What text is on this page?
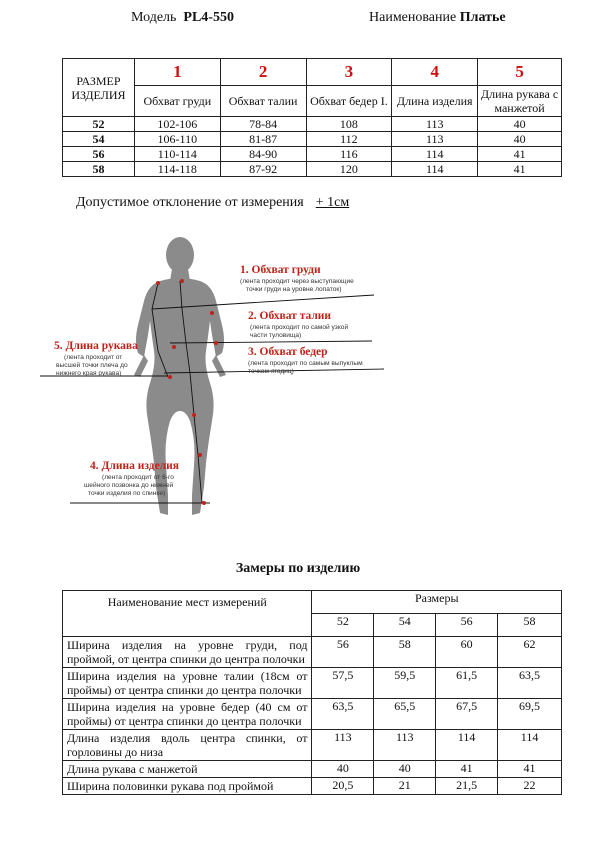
Модель PL4-550	Наименование Платье
РАЗМЕР ИЗДЕЛИЯ	1	2	3	4	5
	Обхват груди	Обхват талии	Обхват бедер I.	Длина изделия	Длина рукава с манжетой
52	102-106	78-84	108	113	40
54	106-110	81-87	112	113	40
56	110-114	84-90	116	114	41
58	114-118	87-92	120	114	41
Допустимое отклонение от измерения + 1см
1. Обхват груди
(лента проходит через выступающие
точки груди на уровне лопаток)
2. Обхват талии
(лента проходит по самой узкой
части туловища)
3. Обхват бедер
(лента проходит по самым выпуклым
точкам ягодиц)
5. Длина рукава
(лента проходит от
высшей точки плеча до
нижнего края рукава)
4. Длина изделия
(лента проходит от 6-го
шейного позвонка до нижней
точки изделия по спинке)
Замеры по изделию
Наименование мест измерений	Размеры			
	52	54	56	58
Ширина изделия на уровне груди, под проймой, от центра спинки до центра полочки	56	58	60	62
Ширина изделия на уровне талии (18см от проймы) от центра спинки до центра полочки	57,5	59,5	61,5	63,5
Ширина изделия на уровне бедер (40 см от проймы) от центра спинки до центра полочки	63,5	65,5	67,5	69,5
Длина изделия вдоль центра спинки, от горловины до низа	113	113	114	114
Длина рукава с манжетой	40	40	41	41
Ширина половинки рукава под проймой	20,5	21	21,5	22
